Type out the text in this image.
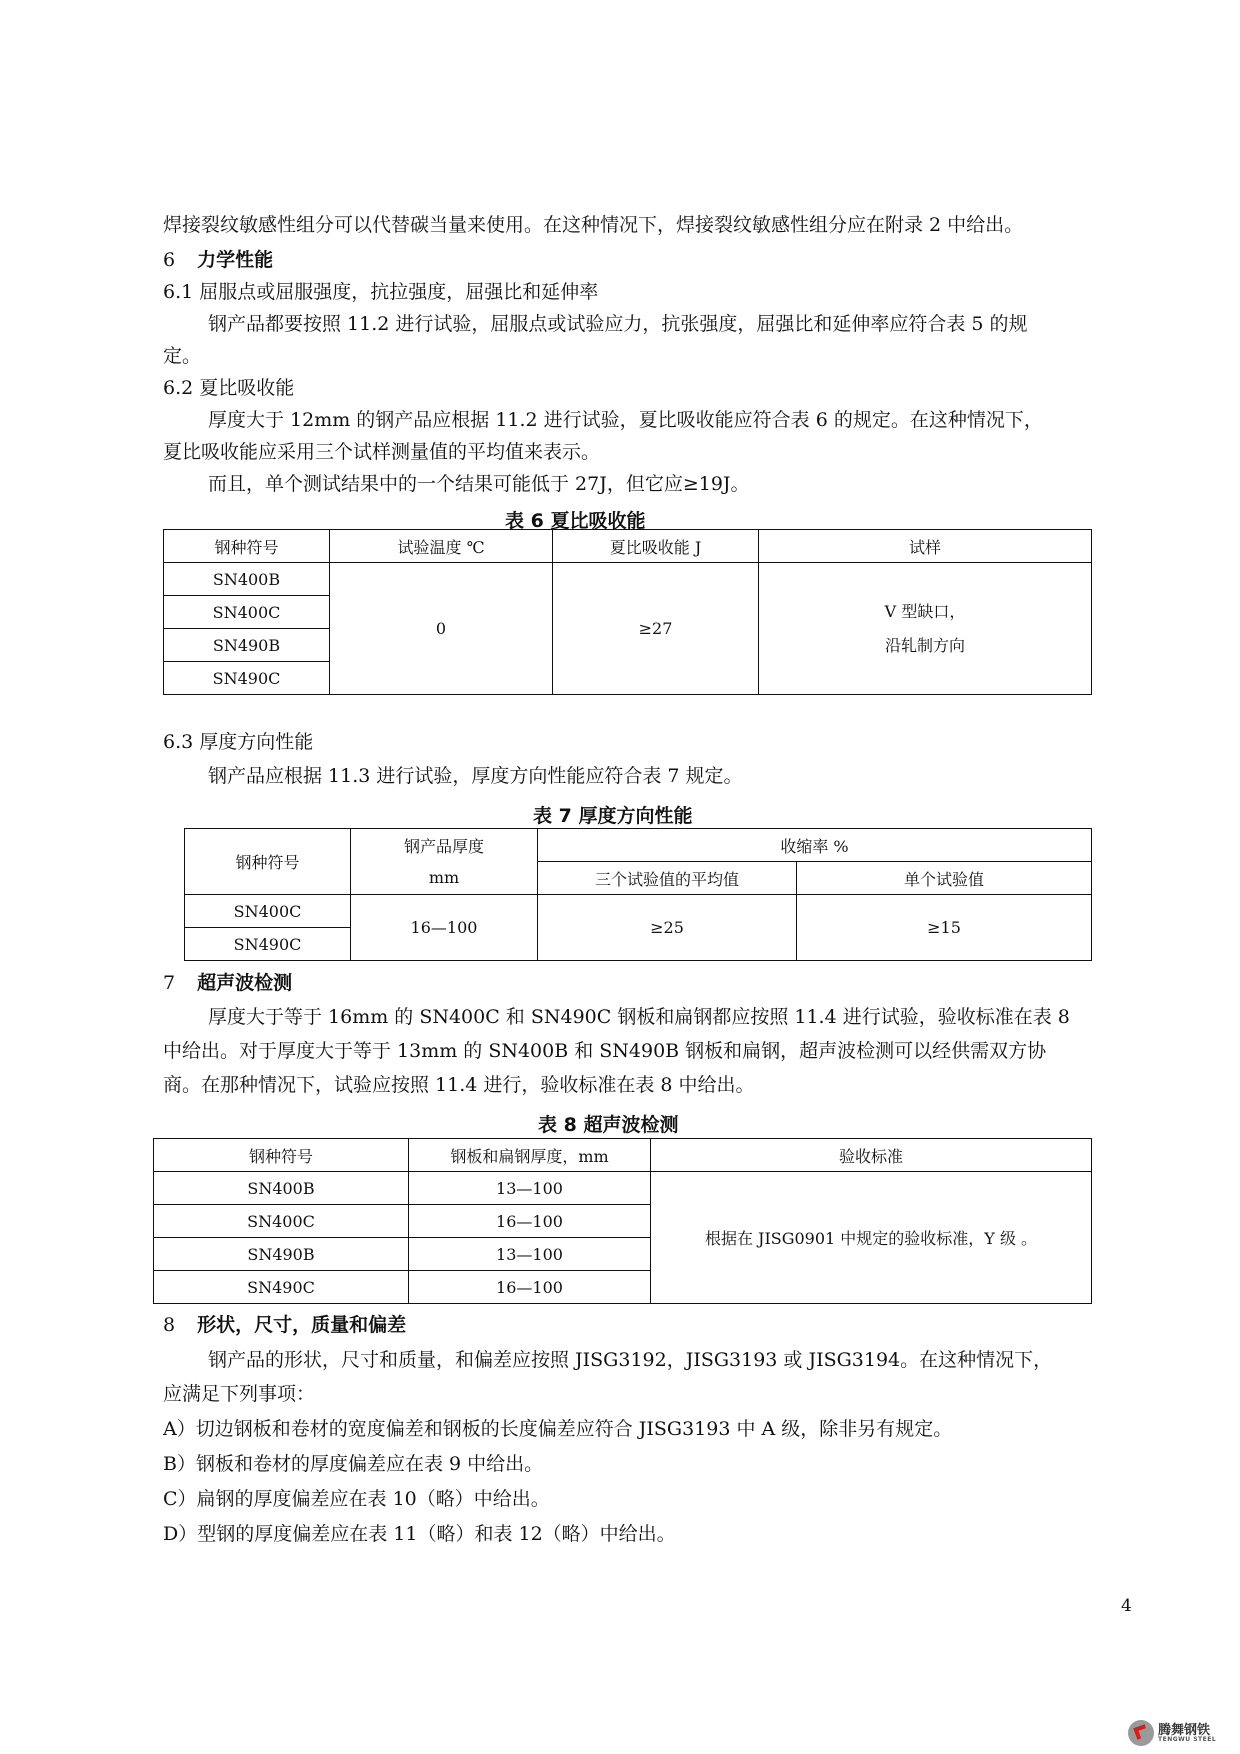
焊接裂纹敏感性组分可以代替碳当量来使用。在这种情况下，焊接裂纹敏感性组分应在附录 2 中给出。
6 力学性能
6.1 屈服点或屈服强度，抗拉强度，屈强比和延伸率
钢产品都要按照 11.2 进行试验，屈服点或试验应力，抗张强度，屈强比和延伸率应符合表 5 的规
定。
6.2 夏比吸收能
厚度大于 12mm 的钢产品应根据 11.2 进行试验，夏比吸收能应符合表 6 的规定。在这种情况下，
夏比吸收能应采用三个试样测量值的平均值来表示。
而且，单个测试结果中的一个结果可能低于 27J，但它应≥19J。
表 6 夏比吸收能
钢种符号	试验温度 ℃	夏比吸收能 J	试样
SN400B	0	≥27	V 型缺口，
沿轧制方向

SN400C			
SN490B			
SN490C			
6.3 厚度方向性能
钢产品应根据 11.3 进行试验，厚度方向性能应符合表 7 规定。
表 7 厚度方向性能
钢种符号	钢产品厚度	收缩率 %	
	mm	三个试验值的平均值	单个试验值
SN400C	16—100	≥25	≥15
SN490C			
7 超声波检测
厚度大于等于 16mm 的 SN400C 和 SN490C 钢板和扁钢都应按照 11.4 进行试验，验收标准在表 8
中给出。对于厚度大于等于 13mm 的 SN400B 和 SN490B 钢板和扁钢，超声波检测可以经供需双方协
商。在那种情况下，试验应按照 11.4 进行，验收标准在表 8 中给出。
表 8 超声波检测
钢种符号	钢板和扁钢厚度，mm	验收标准
SN400B	13—100	根据在 JISG0901 中规定的验收标准，Y 级 。
SN400C	16—100	
SN490B	13—100	
SN490C	16—100	
8 形状，尺寸，质量和偏差
钢产品的形状，尺寸和质量，和偏差应按照 JISG3192，JISG3193 或 JISG3194。在这种情况下，
应满足下列事项：
A）切边钢板和卷材的宽度偏差和钢板的长度偏差应符合 JISG3193 中 A 级，除非另有规定。
B）钢板和卷材的厚度偏差应在表 9 中给出。
C）扁钢的厚度偏差应在表 10（略）中给出。
D）型钢的厚度偏差应在表 11（略）和表 12（略）中给出。
4
腾舞钢铁
TENGWU STEEL
